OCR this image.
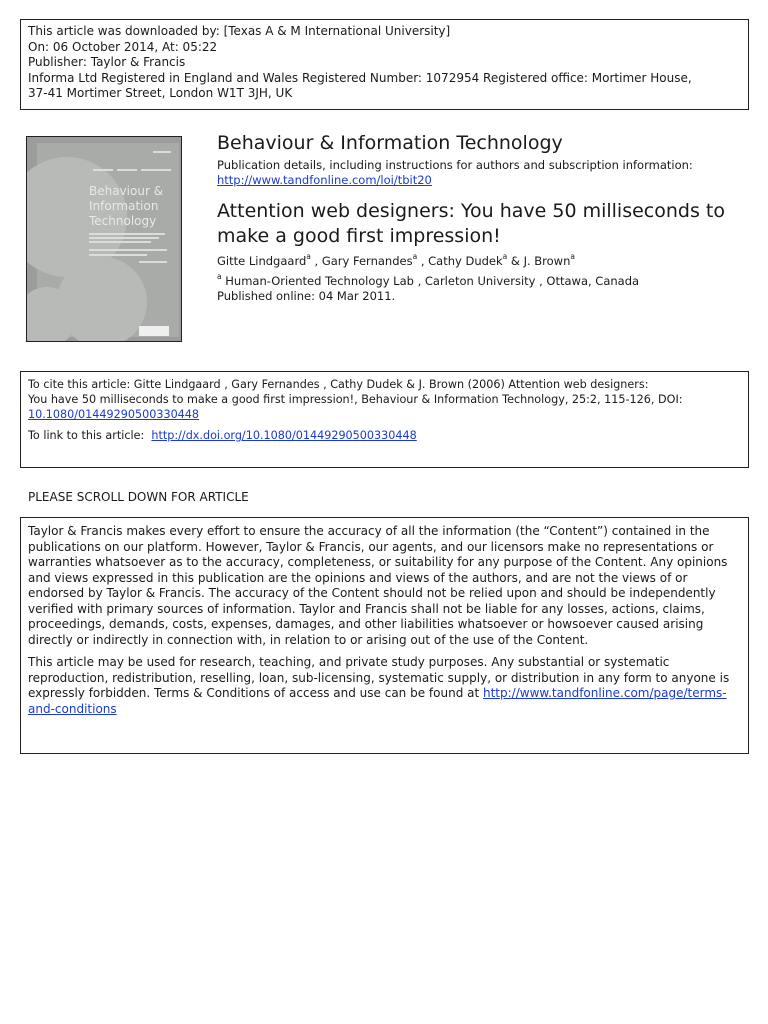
This article was downloaded by: [Texas A & M International University]
On: 06 October 2014, At: 05:22
Publisher: Taylor & Francis
Informa Ltd Registered in England and Wales Registered Number: 1072954 Registered office: Mortimer House,
37-41 Mortimer Street, London W1T 3JH, UK
Behaviour &
Information
Technology
Behaviour & Information Technology
Publication details, including instructions for authors and subscription information:
http://www.tandfonline.com/loi/tbit20
Attention web designers: You have 50 milliseconds to make a good first impression!
Gitte Lindgaard$^a$ , Gary Fernandes$^a$ , Cathy Dudek$^a$ & J. Brown$^a$
$^a$ Human-Oriented Technology Lab , Carleton University , Ottawa, Canada
Published online: 04 Mar 2011.
To cite this article: Gitte Lindgaard , Gary Fernandes , Cathy Dudek & J. Brown (2006) Attention web designers:
You have 50 milliseconds to make a good first impression!, Behaviour & Information Technology, 25:2, 115-126, DOI:
10.1080/01449290500330448
To link to this article: http://dx.doi.org/10.1080/01449290500330448
PLEASE SCROLL DOWN FOR ARTICLE

Taylor & Francis makes every effort to ensure the accuracy of all the information (the “Content”) contained in the publications on our platform. However, Taylor & Francis, our agents, and our licensors make no representations or warranties whatsoever as to the accuracy, completeness, or suitability for any purpose of the Content. Any opinions and views expressed in this publication are the opinions and views of the authors, and are not the views of or endorsed by Taylor & Francis. The accuracy of the Content should not be relied upon and should be independently verified with primary sources of information. Taylor and Francis shall not be liable for any losses, actions, claims, proceedings, demands, costs, expenses, damages, and other liabilities whatsoever or howsoever caused arising directly or indirectly in connection with, in relation to or arising out of the use of the Content.

This article may be used for research, teaching, and private study purposes. Any substantial or systematic reproduction, redistribution, reselling, loan, sub-licensing, systematic supply, or distribution in any form to anyone is expressly forbidden. Terms & Conditions of access and use can be found at http://www.tandfonline.com/page/terms-and-conditions
